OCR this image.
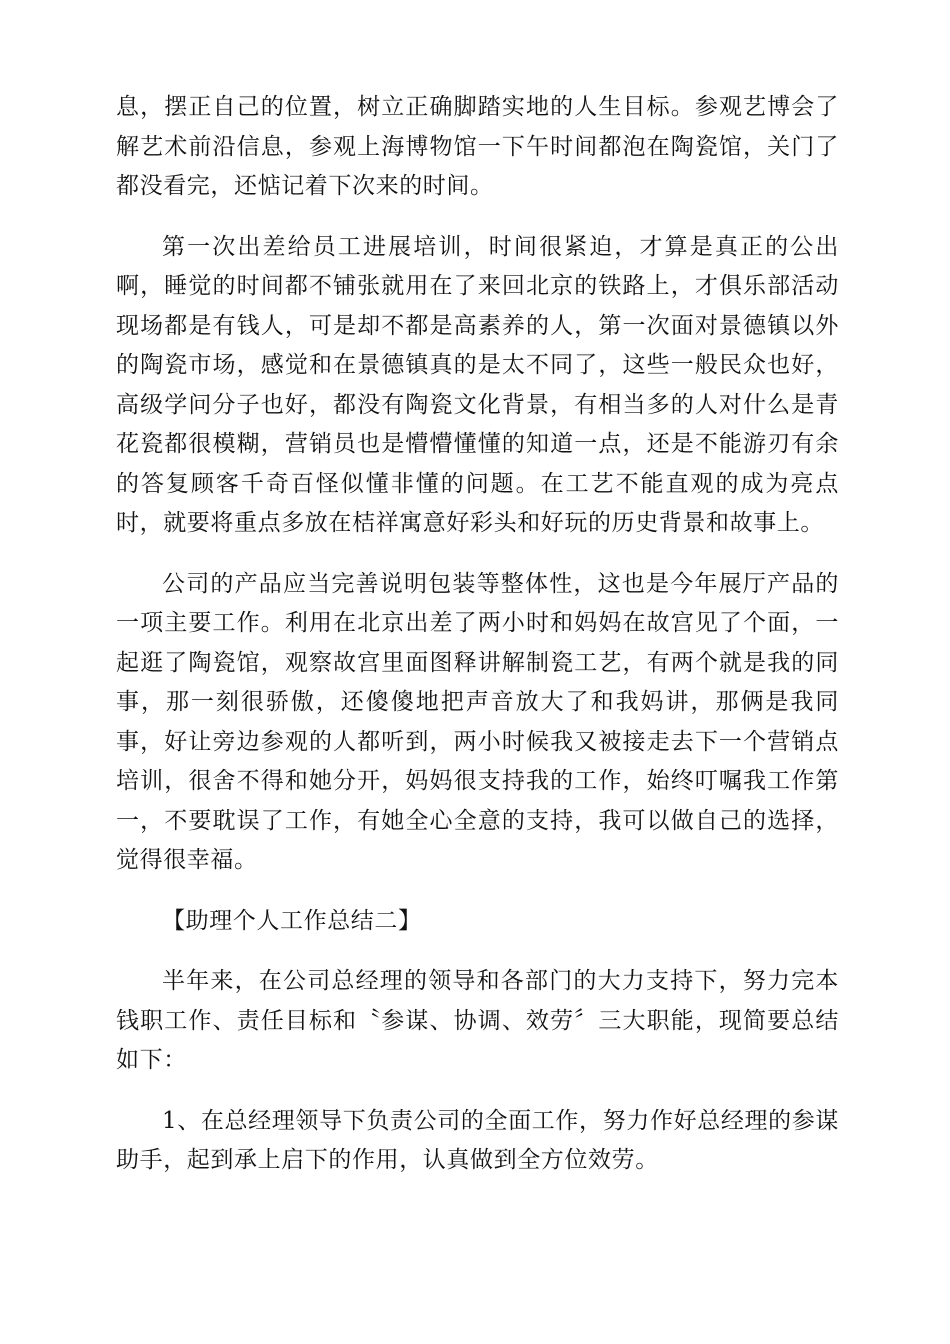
息，摆正自己的位置，树立正确脚踏实地的人生目标。参观艺博会了解艺术前沿信息，参观上海博物馆一下午时间都泡在陶瓷馆，关门了都没看完，还惦记着下次来的时间。

第一次出差给员工进展培训，时间很紧迫，才算是真正的公出啊，睡觉的时间都不铺张就用在了来回北京的铁路上，才俱乐部活动现场都是有钱人，可是却不都是高素养的人，第一次面对景德镇以外的陶瓷市场，感觉和在景德镇真的是太不同了，这些一般民众也好，高级学问分子也好，都没有陶瓷文化背景，有相当多的人对什么是青花瓷都很模糊，营销员也是懵懵懂懂的知道一点，还是不能游刃有余的答复顾客千奇百怪似懂非懂的问题。在工艺不能直观的成为亮点时，就要将重点多放在桔祥寓意好彩头和好玩的历史背景和故事上。

公司的产品应当完善说明包装等整体性，这也是今年展厅产品的一项主要工作。利用在北京出差了两小时和妈妈在故宫见了个面，一起逛了陶瓷馆，观察故宫里面图释讲解制瓷工艺，有两个就是我的同事，那一刻很骄傲，还傻傻地把声音放大了和我妈讲，那俩是我同事，好让旁边参观的人都听到，两小时候我又被接走去下一个营销点培训，很舍不得和她分开，妈妈很支持我的工作，始终叮嘱我工作第一，不要耽误了工作，有她全心全意的支持，我可以做自己的选择，觉得很幸福。

【助理个人工作总结二】

半年来，在公司总经理的领导和各部门的大力支持下，努力完本钱职工作、责任目标和〝参谋、协调、效劳〞三大职能，现简要总结如下：

1、在总经理领导下负责公司的全面工作，努力作好总经理的参谋助手，起到承上启下的作用，认真做到全方位效劳。
